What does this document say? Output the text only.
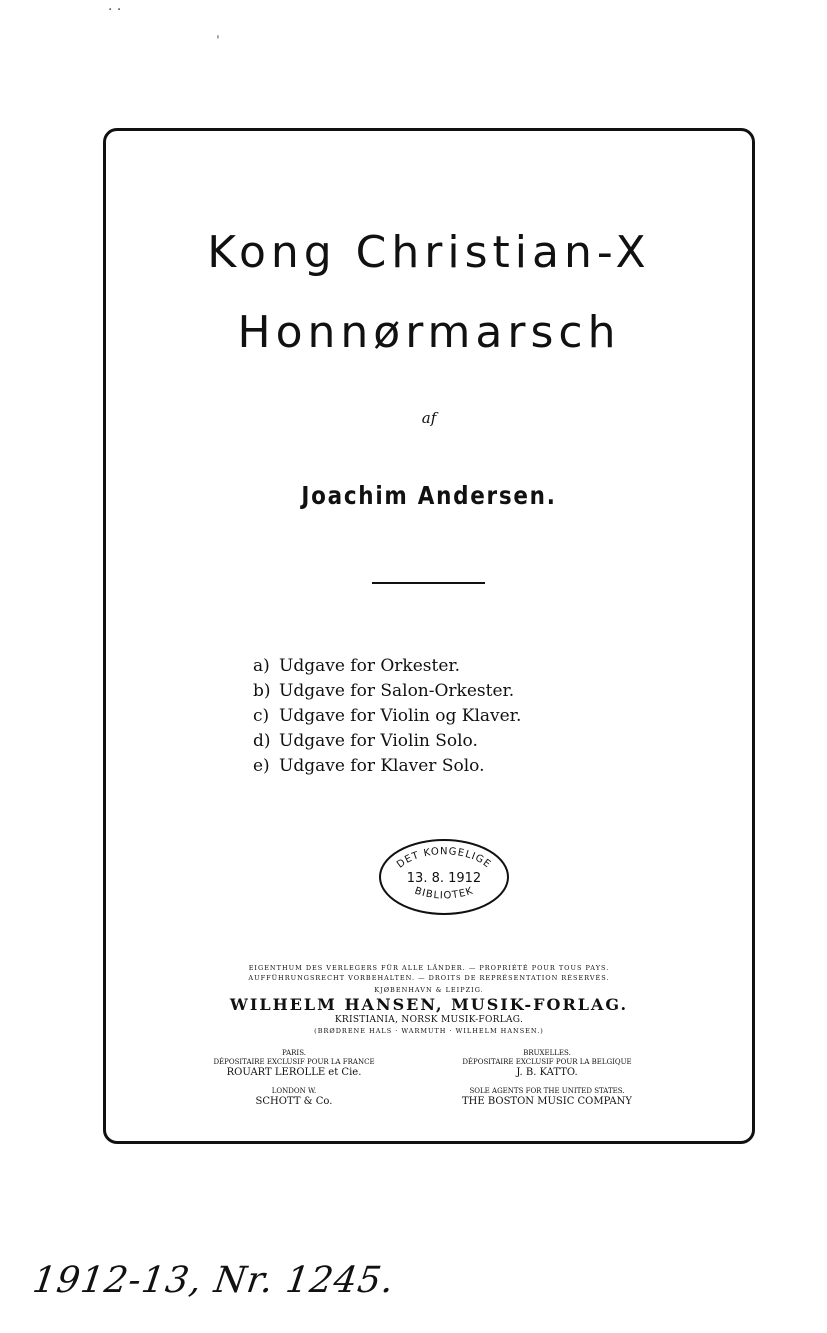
· ·
ˈ
Kong Christian-X
Honnørmarsch
af
Joachim Andersen.
a) Udgave for Orkester.
b) Udgave for Salon-Orkester.
c) Udgave for Violin og Klaver.
d) Udgave for Violin Solo.
e) Udgave for Klaver Solo.
DET KONGELIGE
13. 8. 1912
BIBLIOTEK
EIGENTHUM DES VERLEGERS FÜR ALLE LÄNDER. — PROPRIÉTÉ POUR TOUS PAYS.
AUFFÜHRUNGSRECHT VORBEHALTEN. — DROITS DE REPRÉSENTATION RÉSERVÉS.
KJØBENHAVN & LEIPZIG.
WILHELM HANSEN, MUSIK-FORLAG.
KRISTIANIA, NORSK MUSIK-FORLAG.
(BRØDRENE HALS · WARMUTH · WILHELM HANSEN.)
PARIS.
DÉPOSITAIRE EXCLUSIF POUR LA FRANCE
ROUART LEROLLE et Cie.
BRUXELLES.
DÉPOSITAIRE EXCLUSIF POUR LA BELGIQUE
J. B. KATTO.
LONDON W.
SCHOTT & Co.
SOLE AGENTS FOR THE UNITED STATES.
THE BOSTON MUSIC COMPANY
1912-13, Nr. 1245.
